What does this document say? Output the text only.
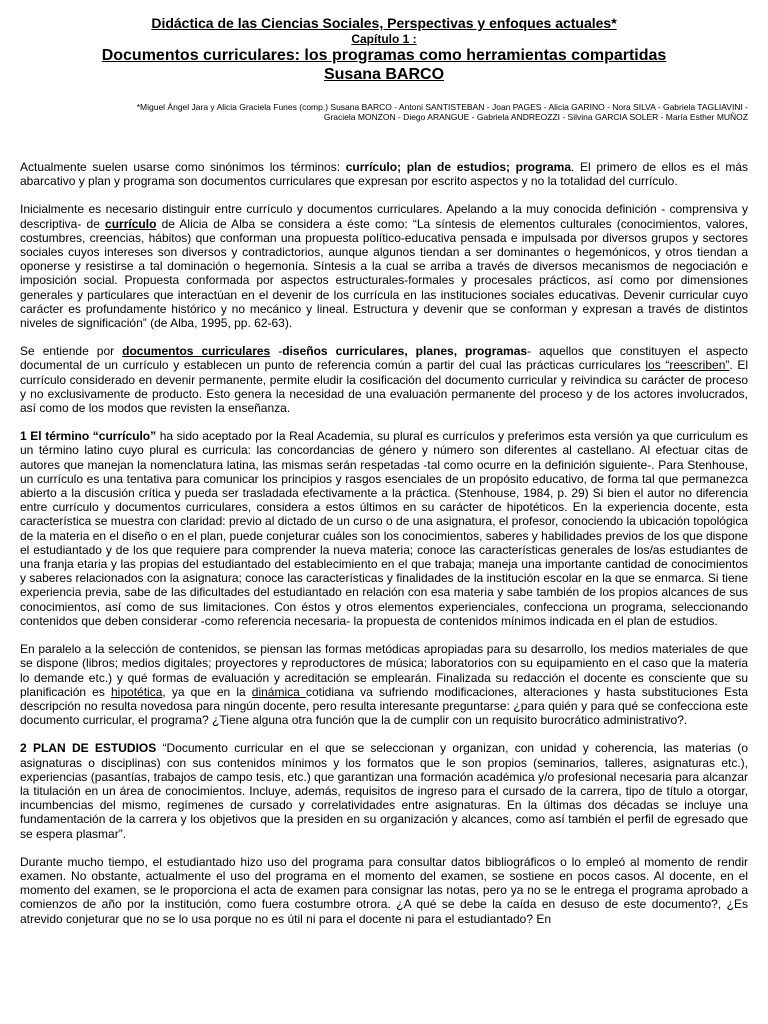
Didáctica de las Ciencias Sociales, Perspectivas y enfoques actuales*
Capítulo 1 :
Documentos curriculares: los programas como herramientas compartidas
Susana BARCO
*Miguel Ángel Jara y Alicia Graciela Funes (comp.) Susana BARCO - Antoni SANTISTEBAN - Joan PAGES - Alicia GARINO - Nora SILVA - Gabriela TAGLIAVINI -
Graciela MONZON - Diego ARANGUE - Gabriela ANDREOZZI - Silvina GARCIA SOLER - María Esther MUÑOZ

Actualmente suelen usarse como sinónimos los términos: currículo; plan de estudios; programa. El primero de ellos es el más abarcativo y plan y programa son documentos curriculares que expresan por escrito aspectos y no la totalidad del currículo.

Inicialmente es necesario distinguir entre currículo y documentos curriculares. Apelando a la muy conocida definición - comprensiva y descriptiva- de currículo de Alicia de Alba se considera a éste como: “La síntesis de elementos culturales (conocimientos, valores, costumbres, creencias, hábitos) que conforman una propuesta político-educativa pensada e impulsada por diversos grupos y sectores sociales cuyos intereses son diversos y contradictorios, aunque algunos tiendan a ser dominantes o hegemónicos, y otros tiendan a oponerse y resistirse a tal dominación o hegemonía. Síntesis a la cual se arriba a través de diversos mecanismos de negociación e imposición social. Propuesta conformada por aspectos estructurales-formales y procesales prácticos, así como por dimensiones generales y particulares que interactúan en el devenir de los currícula en las instituciones sociales educativas. Devenir curricular cuyo carácter es profundamente histórico y no mecánico y lineal. Estructura y devenir que se conforman y expresan a través de distintos niveles de significación” (de Alba, 1995, pp. 62-63).

Se entiende por documentos curriculares -diseños curriculares, planes, programas- aquellos que constituyen el aspecto documental de un currículo y establecen un punto de referencia común a partir del cual las prácticas curriculares los “reescriben”. El currículo considerado en devenir permanente, permite eludir la cosificación del documento curricular y reivindica su carácter de proceso y no exclusivamente de producto. Esto genera la necesidad de una evaluación permanente del proceso y de los actores involucrados, así como de los modos que revisten la enseñanza.

1 El término “currículo” ha sido aceptado por la Real Academia, su plural es currículos y preferimos esta versión ya que curriculum es un término latino cuyo plural es curricula: las concordancias de género y número son diferentes al castellano. Al efectuar citas de autores que manejan la nomenclatura latina, las mismas serán respetadas -tal como ocurre en la definición siguiente-. Para Stenhouse, un currículo es una tentativa para comunicar los principios y rasgos esenciales de un propósito educativo, de forma tal que permanezca abierto a la discusión crítica y pueda ser trasladada efectivamente a la práctica. (Stenhouse, 1984, p. 29) Si bien el autor no diferencia entre currículo y documentos curriculares, considera a estos últimos en su carácter de hipotéticos. En la experiencia docente, esta característica se muestra con claridad: previo al dictado de un curso o de una asignatura, el profesor, conociendo la ubicación topológica de la materia en el diseño o en el plan, puede conjeturar cuáles son los conocimientos, saberes y habilidades previos de los que dispone el estudiantado y de los que requiere para comprender la nueva materia; conoce las características generales de los/as estudiantes de una franja etaria y las propias del estudiantado del establecimiento en el que trabaja; maneja una importante cantidad de conocimientos y saberes relacionados con la asignatura; conoce las características y finalidades de la institución escolar en la que se enmarca. Si tiene experiencia previa, sabe de las dificultades del estudiantado en relación con esa materia y sabe también de los propios alcances de sus conocimientos, así como de sus limitaciones. Con éstos y otros elementos experienciales, confecciona un programa, seleccionando contenidos que deben considerar -como referencia necesaria- la propuesta de contenidos mínimos indicada en el plan de estudios.

En paralelo a la selección de contenidos, se piensan las formas metódicas apropiadas para su desarrollo, los medios materiales de que se dispone (libros; medios digitales; proyectores y reproductores de música; laboratorios con su equipamiento en el caso que la materia lo demande etc.) y qué formas de evaluación y acreditación se emplearán. Finalizada su redacción el docente es consciente que su planificación es hipotética, ya que en la dinámica cotidiana va sufriendo modificaciones, alteraciones y hasta substituciones Esta descripción no resulta novedosa para ningún docente, pero resulta interesante preguntarse: ¿para quién y para qué se confecciona este documento curricular, el programa? ¿Tiene alguna otra función que la de cumplir con un requisito burocrático administrativo?.

2 PLAN DE ESTUDIOS “Documento curricular en el que se seleccionan y organizan, con unidad y coherencia, las materias (o asignaturas o disciplinas) con sus contenidos mínimos y los formatos que le son propios (seminarios, talleres, asignaturas etc.), experiencias (pasantías, trabajos de campo tesis, etc.) que garantizan una formación académica y/o profesional necesaria para alcanzar la titulación en un área de conocimientos. Incluye, además, requisitos de ingreso para el cursado de la carrera, tipo de título a otorgar, incumbencias del mismo, regímenes de cursado y correlatividades entre asignaturas. En la últimas dos décadas se incluye una fundamentación de la carrera y los objetivos que la presiden en su organización y alcances, como así también el perfil de egresado que se espera plasmar”.

Durante mucho tiempo, el estudiantado hizo uso del programa para consultar datos bibliográficos o lo empleó al momento de rendir examen. No obstante, actualmente el uso del programa en el momento del examen, se sostiene en pocos casos. Al docente, en el momento del examen, se le proporciona el acta de examen para consignar las notas, pero ya no se le entrega el programa aprobado a comienzos de año por la institución, como fuera costumbre otrora. ¿A qué se debe la caída en desuso de este documento?, ¿Es atrevido conjeturar que no se lo usa porque no es útil ni para el docente ni para el estudiantado? En
